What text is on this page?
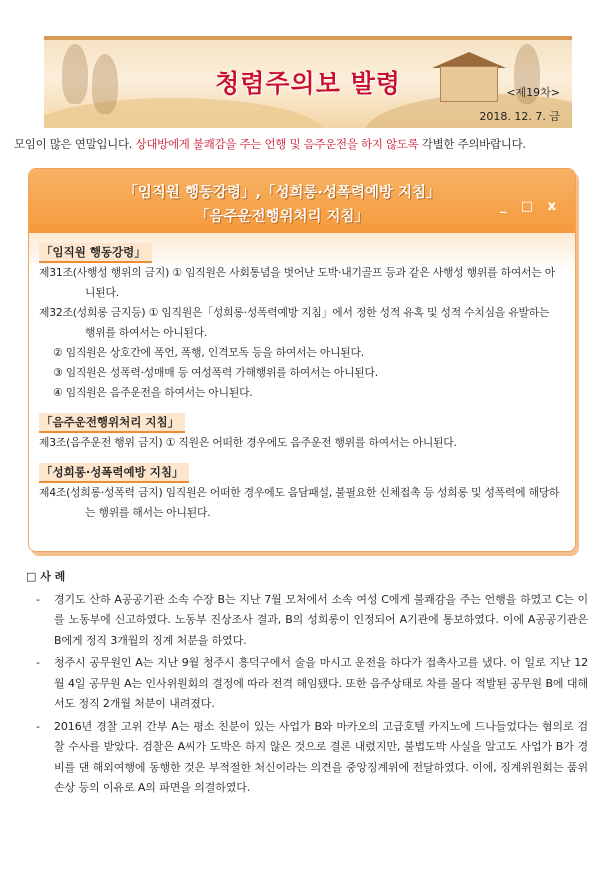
청렴주의보 발령	<제19차>
2018. 12. 7. 금
모임이 많은 연말입니다. 상대방에게 불쾌감을 주는 언행 및 음주운전을 하지 않도록 각별한 주의바랍니다.
「임직원 행동강령」,「성희롱·성폭력예방 지침」
「음주운전행위처리 지침」
_ □ x
「임직원 행동강령」
제31조(사행성 행위의 금지) ① 임직원은 사회통념을 벗어난 도박·내기골프 등과 같은 사행성 행위를 하여서는 아니된다.
제32조(성희롱 금지등) ① 임직원은「성희롱·성폭력예방 지침」에서 정한 성적 유혹 및 성적 수치심을 유발하는 행위를 하여서는 아니된다.
② 임직원은 상호간에 폭언, 폭행, 인격모독 등을 하여서는 아니된다.
③ 임직원은 성폭력·성매매 등 여성폭력 가해행위를 하여서는 아니된다.
④ 임직원은 음주운전을 하여서는 아니된다.
「음주운전행위처리 지침」
제3조(음주운전 행위 금지) ① 직원은 어떠한 경우에도 음주운전 행위를 하여서는 아니된다.
「성희롱·성폭력예방 지침」
제4조(성희롱·성폭력 금지) 임직원은 어떠한 경우에도 음담패설, 불필요한 신체접촉 등 성희롱 및 성폭력에 해당하는 행위를 해서는 아니된다.
□ 사 례
- 경기도 산하 A공공기관 소속 수장 B는 지난 7월 모처에서 소속 여성 C에게 불쾌감을 주는 언행을 하였고 C는 이를 노동부에 신고하였다. 노동부 진상조사 결과, B의 성희롱이 인정되어 A기관에 통보하였다. 이에 A공공기관은 B에게 정직 3개월의 징계 처분을 하였다.
- 청주시 공무원인 A는 지난 9월 청주시 흥덕구에서 술을 마시고 운전을 하다가 접촉사고를 냈다. 이 일로 지난 12월 4일 공무원 A는 인사위원회의 결정에 따라 전격 해임됐다. 또한 음주상태로 차를 몰다 적발된 공무원 B에 대해서도 정직 2개월 처분이 내려졌다.
- 2016년 경찰 고위 간부 A는 평소 친분이 있는 사업가 B와 마카오의 고급호텔 카지노에 드나들었다는 혐의로 검찰 수사를 받았다. 검찰은 A씨가 도박은 하지 않은 것으로 결론 내렸지만, 불법도박 사실을 알고도 사업가 B가 경비를 댄 해외여행에 동행한 것은 부적절한 처신이라는 의견을 중앙징계위에 전달하였다. 이에, 징계위원회는 품위 손상 등의 이유로 A의 파면을 의결하였다.
